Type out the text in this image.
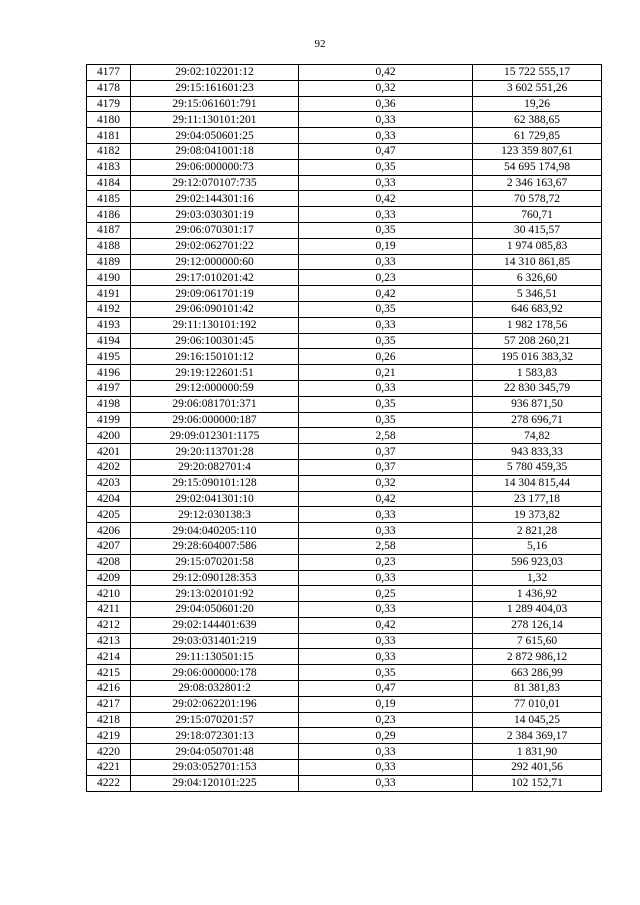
92
4177	29:02:102201:12	0,42	15 722 555,17
4178	29:15:161601:23	0,32	3 602 551,26
4179	29:15:061601:791	0,36	19,26
4180	29:11:130101:201	0,33	62 388,65
4181	29:04:050601:25	0,33	61 729,85
4182	29:08:041001:18	0,47	123 359 807,61
4183	29:06:000000:73	0,35	54 695 174,98
4184	29:12:070107:735	0,33	2 346 163,67
4185	29:02:144301:16	0,42	70 578,72
4186	29:03:030301:19	0,33	760,71
4187	29:06:070301:17	0,35	30 415,57
4188	29:02:062701:22	0,19	1 974 085,83
4189	29:12:000000:60	0,33	14 310 861,85
4190	29:17:010201:42	0,23	6 326,60
4191	29:09:061701:19	0,42	5 346,51
4192	29:06:090101:42	0,35	646 683,92
4193	29:11:130101:192	0,33	1 982 178,56
4194	29:06:100301:45	0,35	57 208 260,21
4195	29:16:150101:12	0,26	195 016 383,32
4196	29:19:122601:51	0,21	1 583,83
4197	29:12:000000:59	0,33	22 830 345,79
4198	29:06:081701:371	0,35	936 871,50
4199	29:06:000000:187	0,35	278 696,71
4200	29:09:012301:1175	2,58	74,82
4201	29:20:113701:28	0,37	943 833,33
4202	29:20:082701:4	0,37	5 780 459,35
4203	29:15:090101:128	0,32	14 304 815,44
4204	29:02:041301:10	0,42	23 177,18
4205	29:12:030138:3	0,33	19 373,82
4206	29:04:040205:110	0,33	2 821,28
4207	29:28:604007:586	2,58	5,16
4208	29:15:070201:58	0,23	596 923,03
4209	29:12:090128:353	0,33	1,32
4210	29:13:020101:92	0,25	1 436,92
4211	29:04:050601:20	0,33	1 289 404,03
4212	29:02:144401:639	0,42	278 126,14
4213	29:03:031401:219	0,33	7 615,60
4214	29:11:130501:15	0,33	2 872 986,12
4215	29:06:000000:178	0,35	663 286,99
4216	29:08:032801:2	0,47	81 381,83
4217	29:02:062201:196	0,19	77 010,01
4218	29:15:070201:57	0,23	14 045,25
4219	29:18:072301:13	0,29	2 384 369,17
4220	29:04:050701:48	0,33	1 831,90
4221	29:03:052701:153	0,33	292 401,56
4222	29:04:120101:225	0,33	102 152,71
